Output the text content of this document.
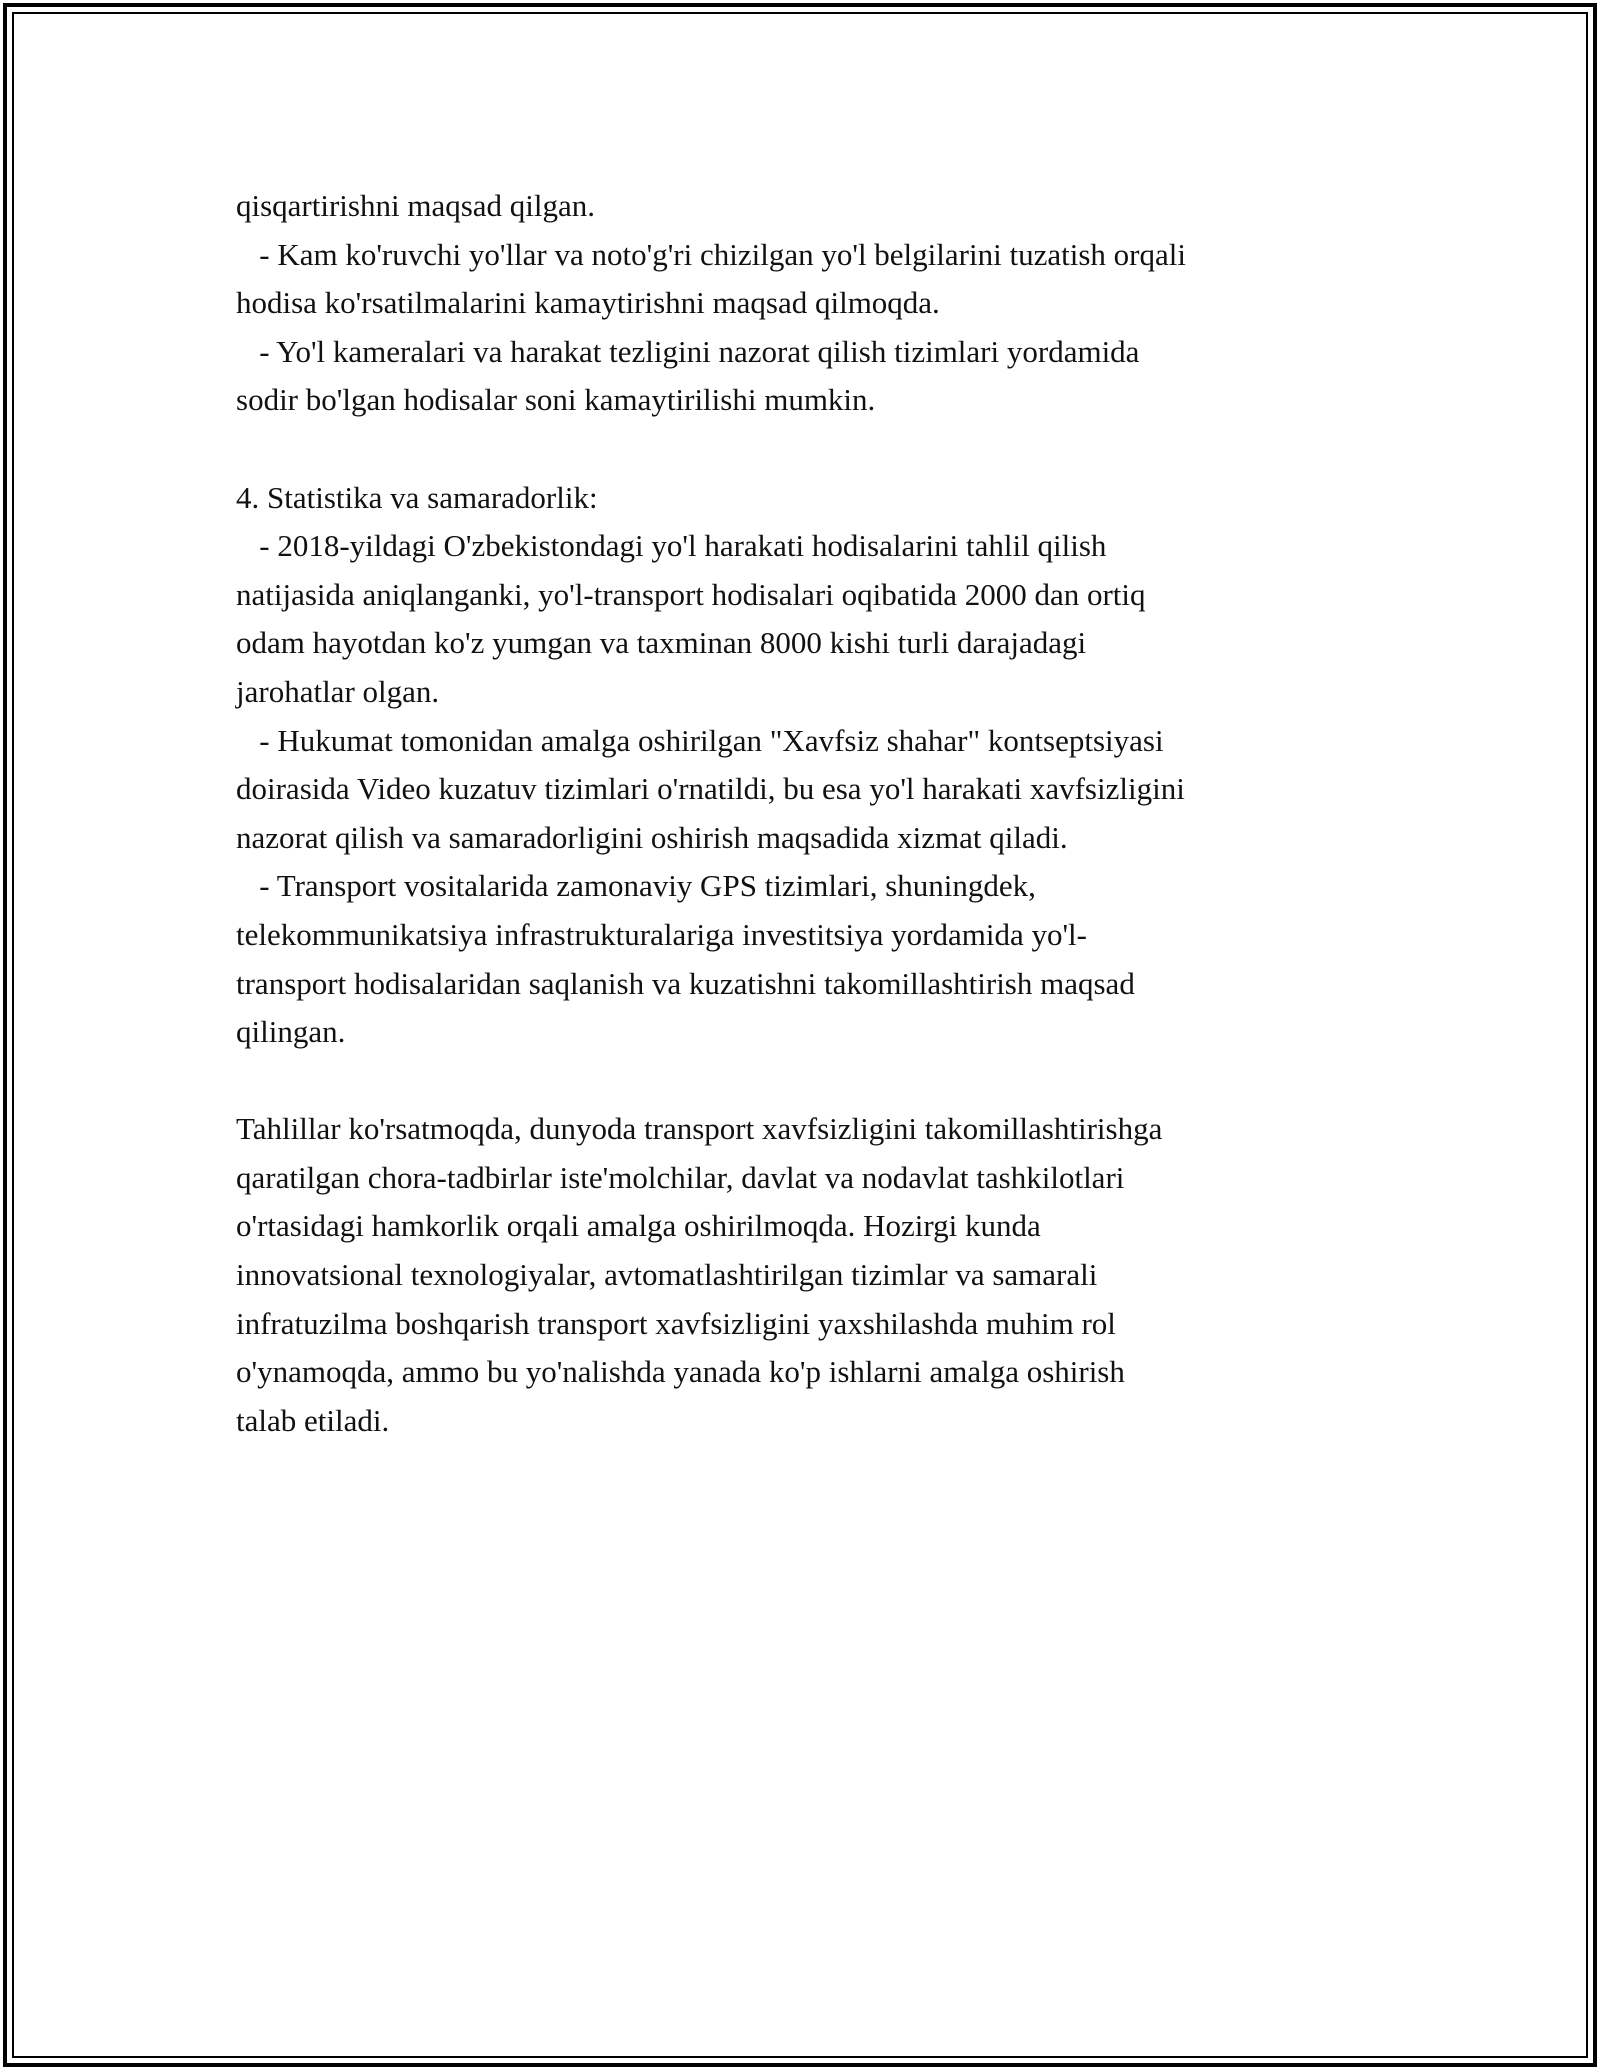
qisqartirishni maqsad qilgan.
- Kam ko'ruvchi yo'llar va noto'g'ri chizilgan yo'l belgilarini tuzatish orqali
hodisa ko'rsatilmalarini kamaytirishni maqsad qilmoqda.
- Yo'l kameralari va harakat tezligini nazorat qilish tizimlari yordamida
sodir bo'lgan hodisalar soni kamaytirilishi mumkin.
4. Statistika va samaradorlik:
- 2018-yildagi O'zbekistondagi yo'l harakati hodisalarini tahlil qilish
natijasida aniqlanganki, yo'l-transport hodisalari oqibatida 2000 dan ortiq
odam hayotdan ko'z yumgan va taxminan 8000 kishi turli darajadagi
jarohatlar olgan.
- Hukumat tomonidan amalga oshirilgan "Xavfsiz shahar" kontseptsiyasi
doirasida Video kuzatuv tizimlari o'rnatildi, bu esa yo'l harakati xavfsizligini
nazorat qilish va samaradorligini oshirish maqsadida xizmat qiladi.
- Transport vositalarida zamonaviy GPS tizimlari, shuningdek,
telekommunikatsiya infrastrukturalariga investitsiya yordamida yo'l-
transport hodisalaridan saqlanish va kuzatishni takomillashtirish maqsad
qilingan.
Tahlillar ko'rsatmoqda, dunyoda transport xavfsizligini takomillashtirishga
qaratilgan chora-tadbirlar iste'molchilar, davlat va nodavlat tashkilotlari
o'rtasidagi hamkorlik orqali amalga oshirilmoqda. Hozirgi kunda
innovatsional texnologiyalar, avtomatlashtirilgan tizimlar va samarali
infratuzilma boshqarish transport xavfsizligini yaxshilashda muhim rol
o'ynamoqda, ammo bu yo'nalishda yanada ko'p ishlarni amalga oshirish
talab etiladi.
